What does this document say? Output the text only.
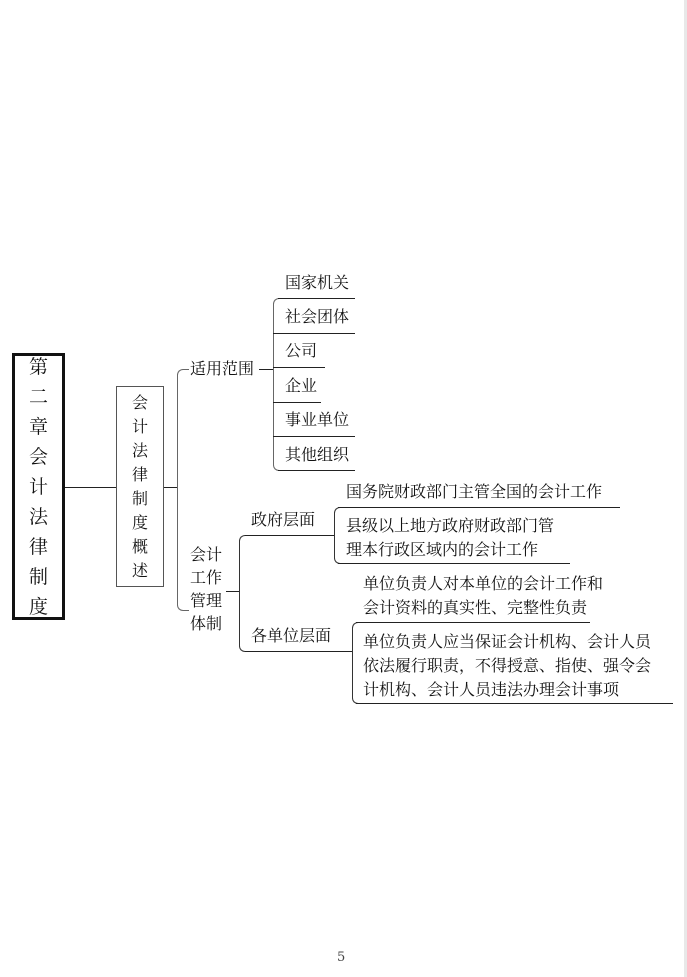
第
二
章
会
计
法
律
制
度
会
计
法
律
制
度
概
述
适用范围
国家机关
社会团体
公司
企业
事业单位
其他组织
会计
工作
管理
体制
政府层面
国务院财政部门主管全国的会计工作
县级以上地方政府财政部门管
理本行政区域内的会计工作
各单位层面
单位负责人对本单位的会计工作和
会计资料的真实性、完整性负责
单位负责人应当保证会计机构、会计人员
依法履行职责，不得授意、指使、强令会
计机构、会计人员违法办理会计事项
5
